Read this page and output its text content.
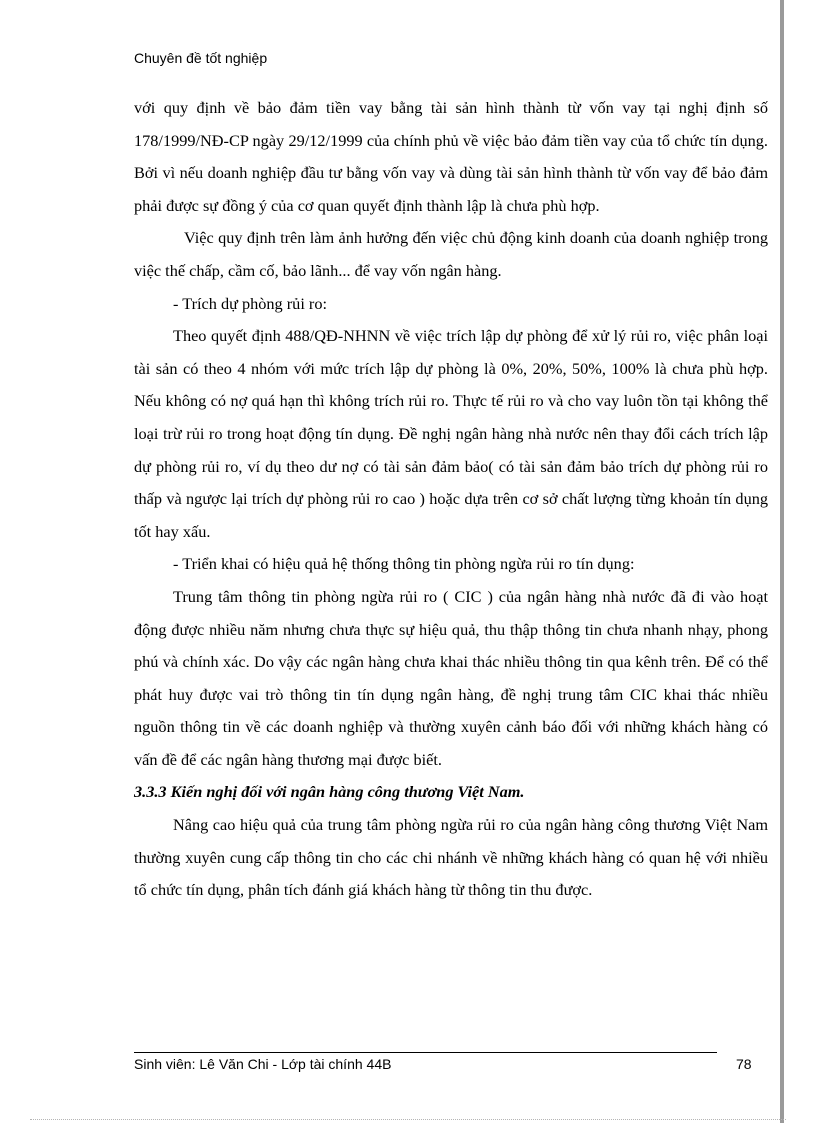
Chuyên đề tốt nghiệp

với quy định về bảo đảm tiền vay bằng tài sản hình thành từ vốn vay tại nghị định số 178/1999/NĐ-CP ngày 29/12/1999 của chính phủ về việc bảo đảm tiền vay của tổ chức tín dụng. Bởi vì nếu doanh nghiệp đầu tư bằng vốn vay và dùng tài sản hình thành từ vốn vay để bảo đảm phải được sự đồng ý của cơ quan quyết định thành lập là chưa phù hợp.

Việc quy định trên làm ảnh hưởng đến việc chủ động kinh doanh của doanh nghiệp trong việc thế chấp, cầm cố, bảo lãnh... để vay vốn ngân hàng.

- Trích dự phòng rủi ro:

Theo quyết định 488/QĐ-NHNN về việc trích lập dự phòng để xử lý rủi ro, việc phân loại tài sản có theo 4 nhóm với mức trích lập dự phòng là 0%, 20%, 50%, 100% là chưa phù hợp. Nếu không có nợ quá hạn thì không trích rủi ro. Thực tế rủi ro và cho vay luôn tồn tại không thể loại trừ rủi ro trong hoạt động tín dụng. Đề nghị ngân hàng nhà nước nên thay đổi cách trích lập dự phòng rủi ro, ví dụ theo dư nợ có tài sản đảm bảo( có tài sản đảm bảo trích dự phòng rủi ro thấp và ngược lại trích dự phòng rủi ro cao ) hoặc dựa trên cơ sở chất lượng từng khoản tín dụng tốt hay xấu.

- Triển khai có hiệu quả hệ thống thông tin phòng ngừa rủi ro tín dụng:

Trung tâm thông tin phòng ngừa rủi ro ( CIC ) của ngân hàng nhà nước đã đi vào hoạt động được nhiều năm nhưng chưa thực sự hiệu quả, thu thập thông tin chưa nhanh nhạy, phong phú và chính xác. Do vậy các ngân hàng chưa khai thác nhiều thông tin qua kênh trên. Để có thể phát huy được vai trò thông tin tín dụng ngân hàng, đề nghị trung tâm CIC khai thác nhiều nguồn thông tin về các doanh nghiệp và thường xuyên cảnh báo đối với những khách hàng có vấn đề để các ngân hàng thương mại được biết.

3.3.3 Kiến nghị đối với ngân hàng công thương Việt Nam.

Nâng cao hiệu quả của trung tâm phòng ngừa rủi ro của ngân hàng công thương Việt Nam thường xuyên cung cấp thông tin cho các chi nhánh về những khách hàng có quan hệ với nhiều tổ chức tín dụng, phân tích đánh giá khách hàng từ thông tin thu được.

Sinh viên: Lê Văn Chi - Lớp tài chính 44B	78
